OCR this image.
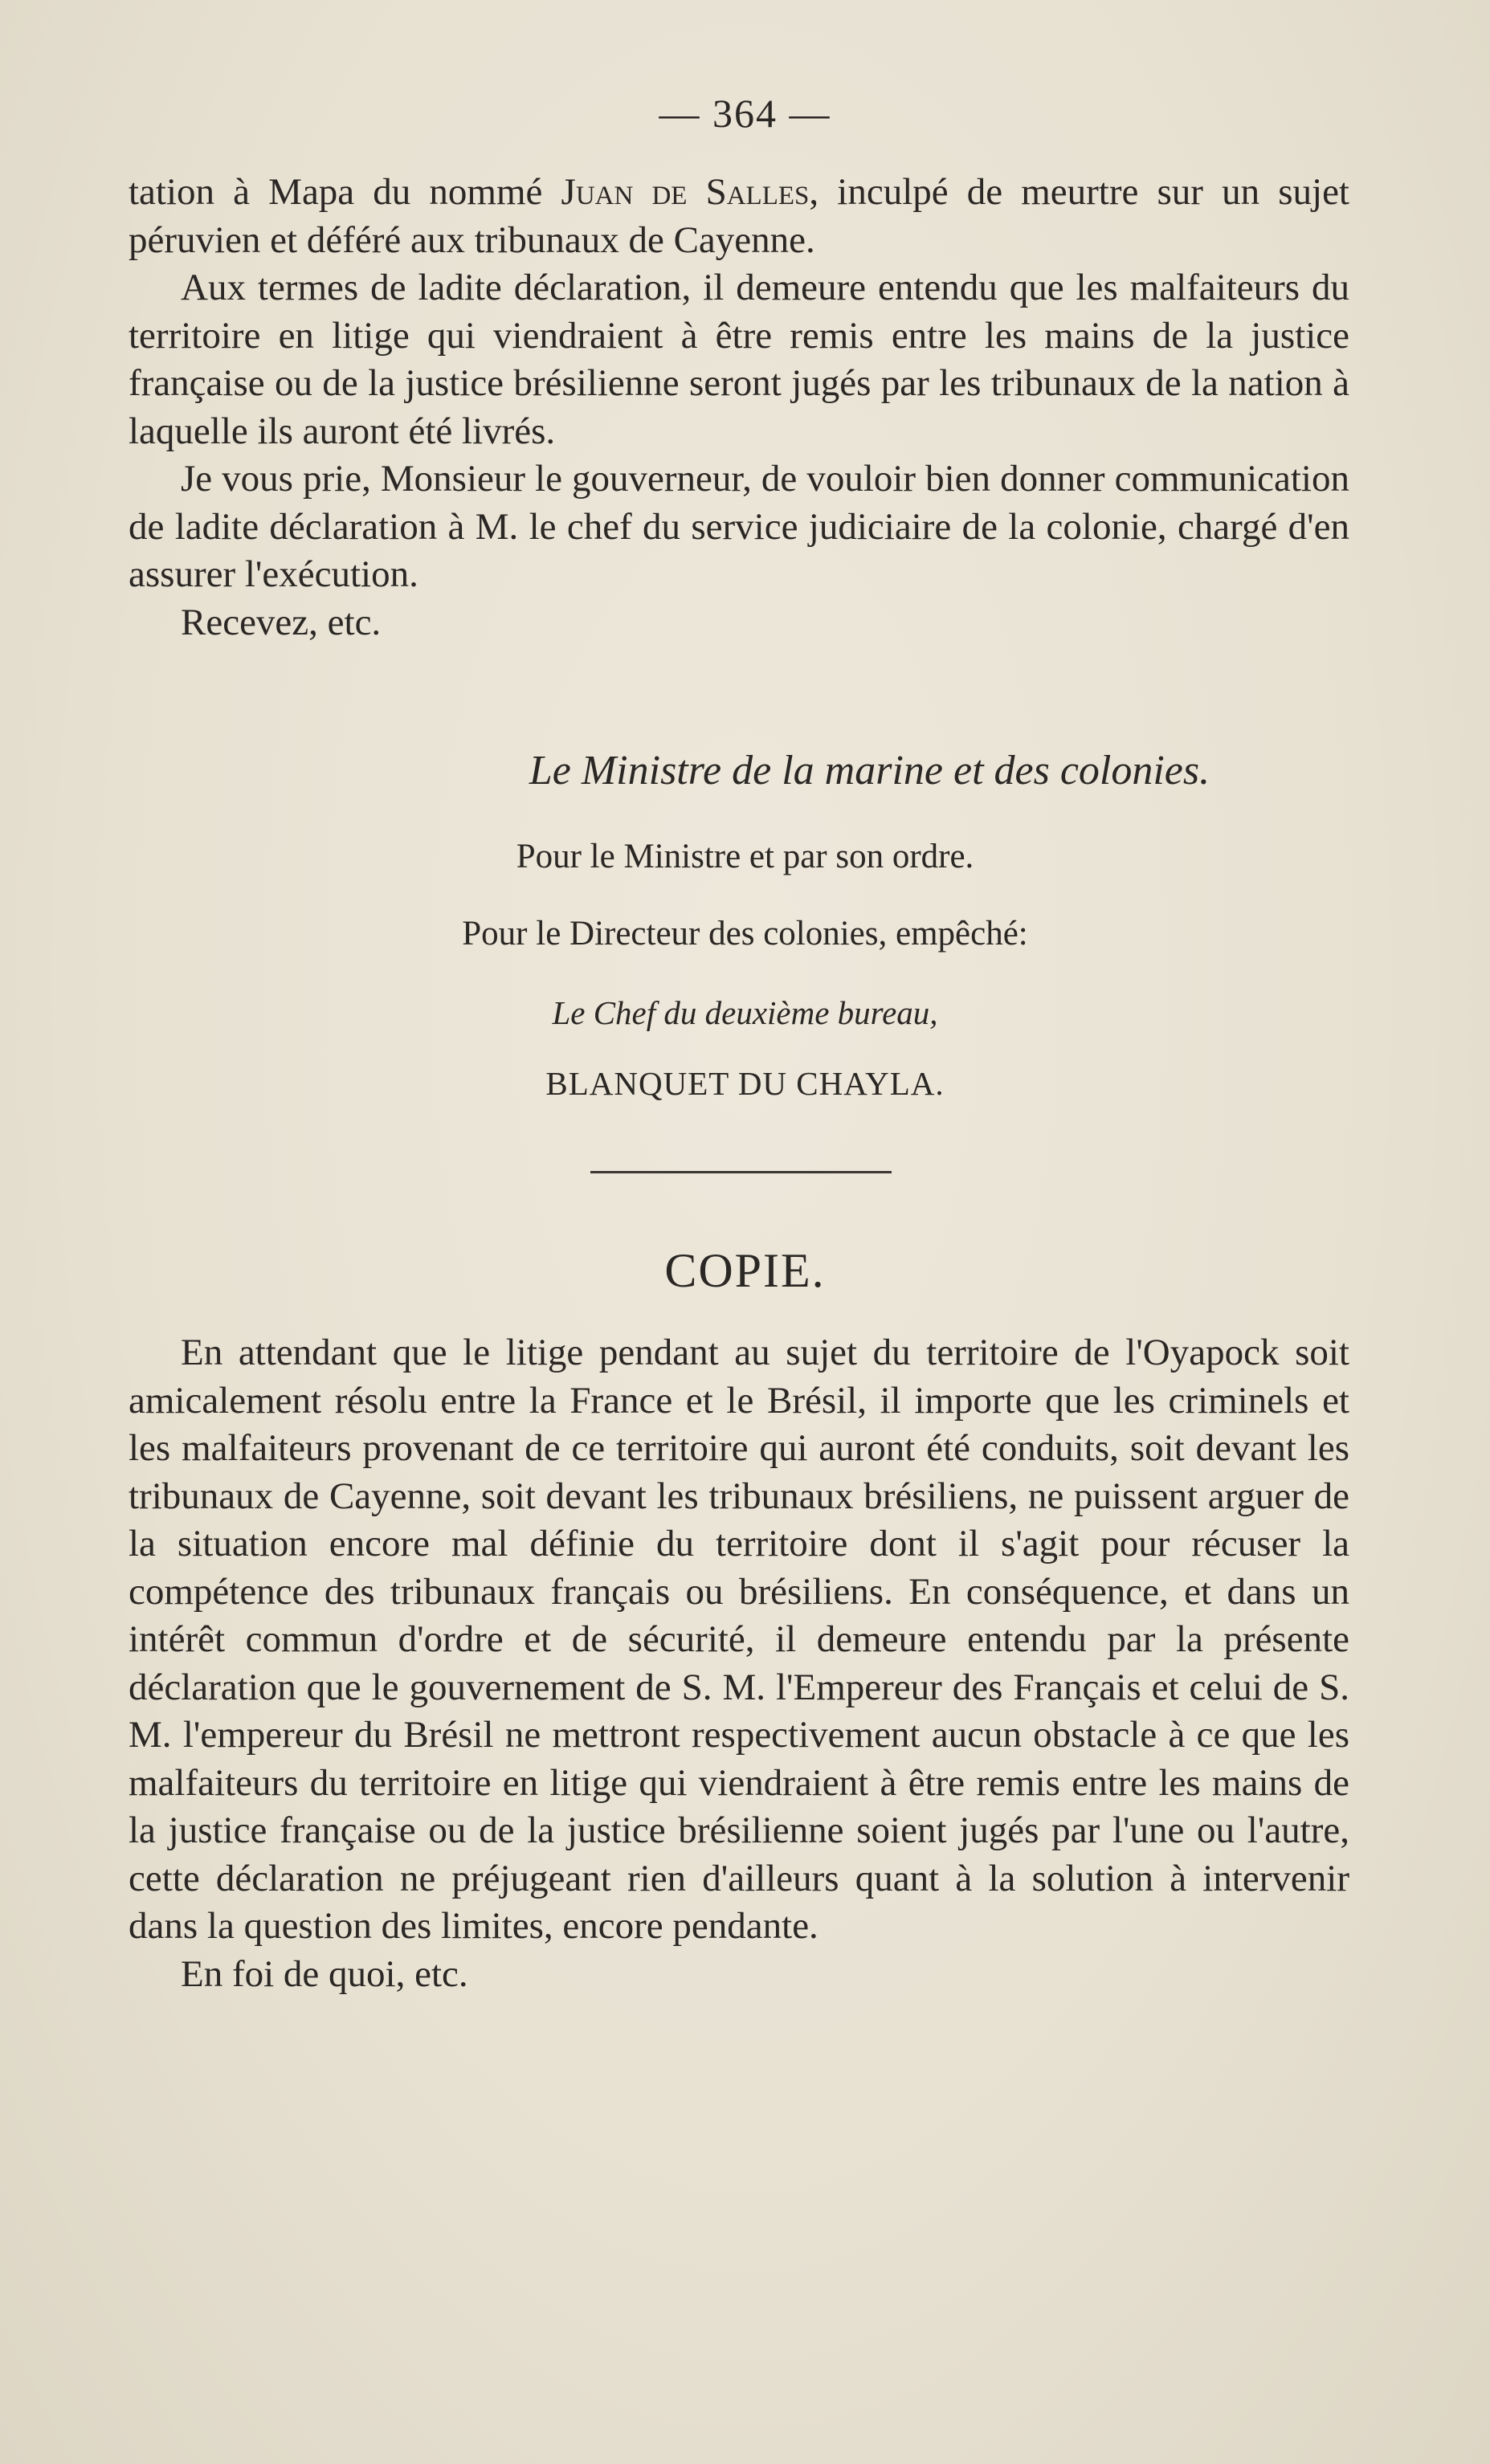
— 364 —

tation à Mapa du nommé Juan de Salles, inculpé de meurtre sur un sujet péruvien et déféré aux tribunaux de Cayenne.

Aux termes de ladite déclaration, il demeure entendu que les malfaiteurs du territoire en litige qui viendraient à être remis entre les mains de la justice française ou de la justice brésilienne seront jugés par les tribunaux de la nation à laquelle ils auront été livrés.

Je vous prie, Monsieur le gouverneur, de vouloir bien donner communication de ladite déclaration à M. le chef du service judiciaire de la colonie, chargé d'en assurer l'exécution.

Recevez, etc.

Le Ministre de la marine et des colonies.
Pour le Ministre et par son ordre.
Pour le Directeur des colonies, empêché:
Le Chef du deuxième bureau,
BLANQUET DU CHAYLA.
COPIE.

En attendant que le litige pendant au sujet du territoire de l'Oyapock soit amicalement résolu entre la France et le Brésil, il importe que les criminels et les malfaiteurs provenant de ce territoire qui auront été conduits, soit devant les tribunaux de Cayenne, soit devant les tribunaux brésiliens, ne puissent arguer de la situation encore mal définie du territoire dont il s'agit pour récuser la compétence des tribunaux français ou brésiliens. En conséquence, et dans un intérêt commun d'ordre et de sécurité, il demeure entendu par la présente déclaration que le gouvernement de S. M. l'Empereur des Français et celui de S. M. l'empereur du Brésil ne mettront respectivement aucun obstacle à ce que les malfaiteurs du territoire en litige qui viendraient à être remis entre les mains de la justice française ou de la justice brésilienne soient jugés par l'une ou l'autre, cette déclaration ne préjugeant rien d'ailleurs quant à la solution à intervenir dans la question des limites, encore pendante.

En foi de quoi, etc.
